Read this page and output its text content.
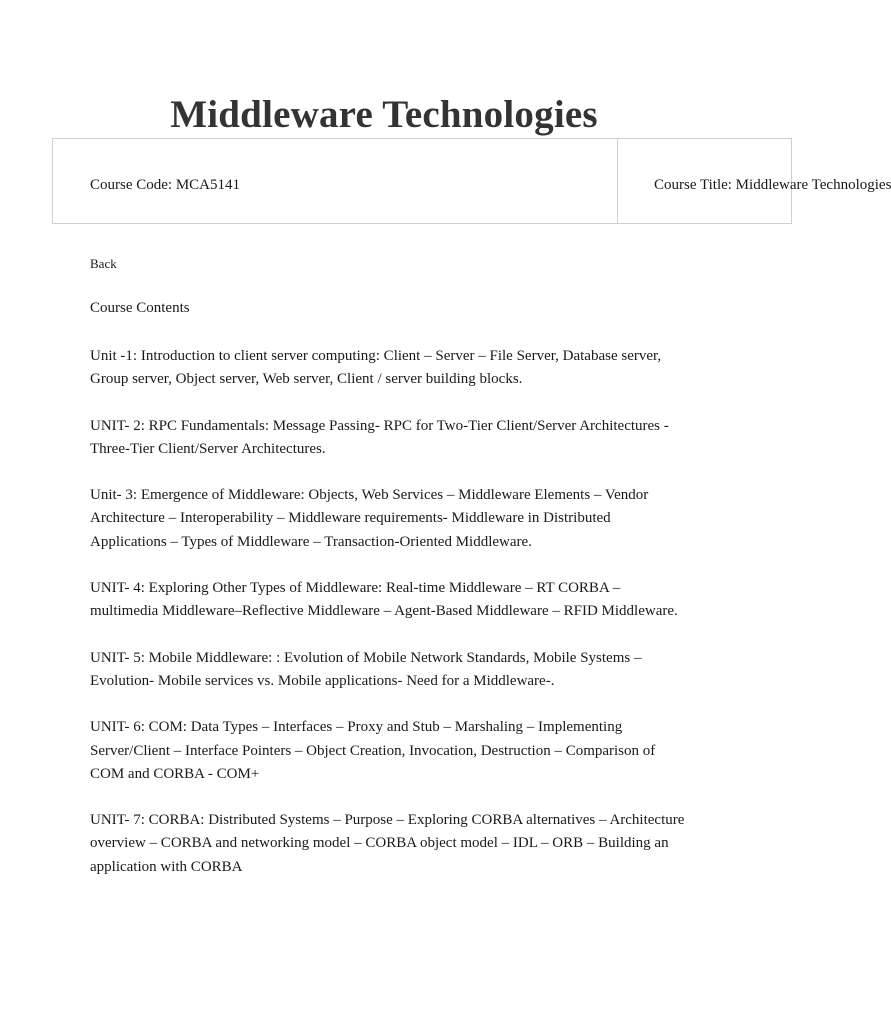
Middleware Technologies
Course Code: MCA5141	Course Title: Middleware Technologies
Back
Course Contents

Unit -1: Introduction to client server computing: Client – Server – File Server, Database server, Group server, Object server, Web server, Client / server building blocks.

UNIT- 2: RPC Fundamentals: Message Passing- RPC for Two-Tier Client/Server Architectures - Three-Tier Client/Server Architectures.

Unit- 3: Emergence of Middleware: Objects, Web Services – Middleware Elements – Vendor Architecture – Interoperability – Middleware requirements- Middleware in Distributed Applications – Types of Middleware – Transaction-Oriented Middleware.

UNIT- 4: Exploring Other Types of Middleware: Real-time Middleware – RT CORBA – multimedia Middleware–Reflective Middleware – Agent-Based Middleware – RFID Middleware.

UNIT- 5: Mobile Middleware: : Evolution of Mobile Network Standards, Mobile Systems – Evolution- Mobile services vs. Mobile applications- Need for a Middleware-.

UNIT- 6: COM: Data Types – Interfaces – Proxy and Stub – Marshaling – Implementing Server/Client – Interface Pointers – Object Creation, Invocation, Destruction – Comparison of COM and CORBA - COM+

UNIT- 7: CORBA: Distributed Systems – Purpose – Exploring CORBA alternatives – Architecture overview – CORBA and networking model – CORBA object model – IDL – ORB – Building an application with CORBA
